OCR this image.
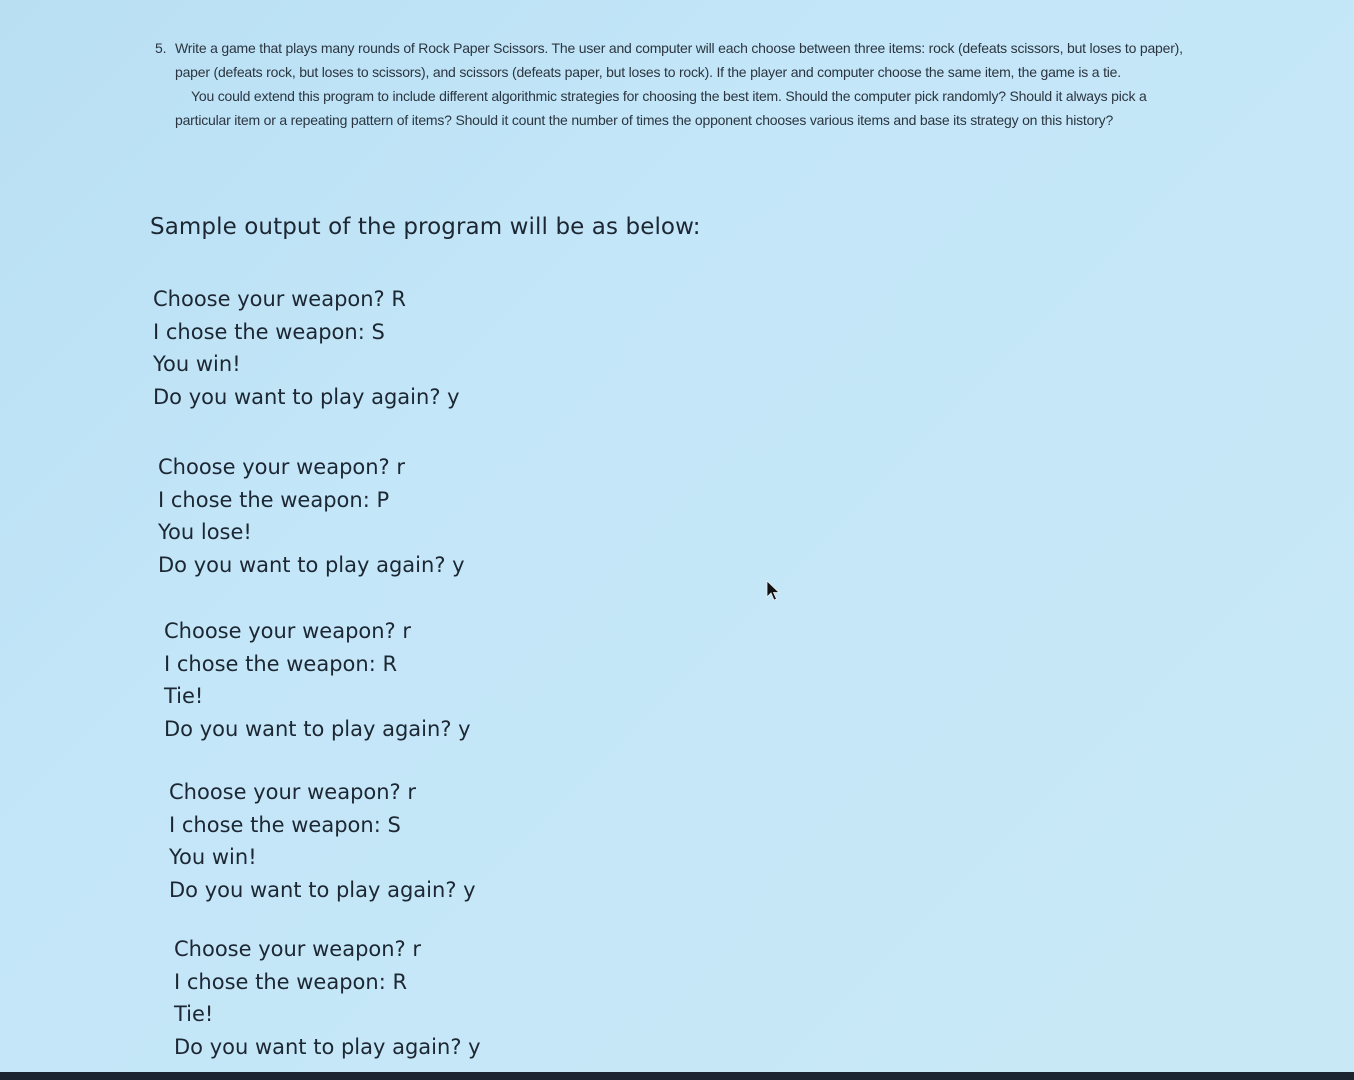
5. Write a game that plays many rounds of Rock Paper Scissors. The user and computer will each choose between three items: rock (defeats scissors, but loses to paper), paper (defeats rock, but loses to scissors), and scissors (defeats paper, but loses to rock). If the player and computer choose the same item, the game is a tie.
You could extend this program to include different algorithmic strategies for choosing the best item. Should the computer pick randomly? Should it always pick a particular item or a repeating pattern of items? Should it count the number of times the opponent chooses various items and base its strategy on this history?
Sample output of the program will be as below:
Choose your weapon? R
I chose the weapon: S
You win!
Do you want to play again? y
Choose your weapon? r
I chose the weapon: P
You lose!
Do you want to play again? y
Choose your weapon? r
I chose the weapon: R
Tie!
Do you want to play again? y
Choose your weapon? r
I chose the weapon: S
You win!
Do you want to play again? y
Choose your weapon? r
I chose the weapon: R
Tie!
Do you want to play again? y
